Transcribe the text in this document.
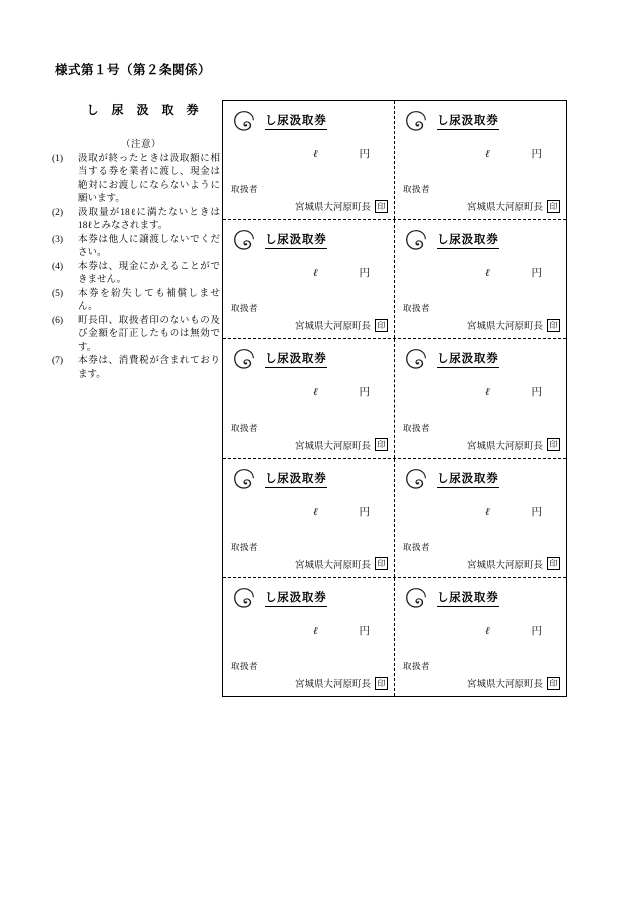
様式第１号（第２条関係）
し 尿 汲 取 券
（注意）
(1)	汲取が終ったときは汲取額に相当する券を業者に渡し、現金は絶対にお渡しにならないように願います。
(2)	汲取量が18ℓに満たないときは18ℓとみなされます。
(3)	本券は他人に譲渡しないでください。
(4)	本券は、現金にかえることができません。
(5)	本券を紛失しても補償しません。
(6)	町長印、取扱者印のないもの及び金額を訂正したものは無効です。
(7)	本券は、消費税が含まれております。
し尿汲取券
ℓ	円
取扱者
宮城県大河原町長 印
し尿汲取券
ℓ	円
取扱者
宮城県大河原町長 印
し尿汲取券
ℓ	円
取扱者
宮城県大河原町長 印
し尿汲取券
ℓ	円
取扱者
宮城県大河原町長 印
し尿汲取券
ℓ	円
取扱者
宮城県大河原町長 印
し尿汲取券
ℓ	円
取扱者
宮城県大河原町長 印
し尿汲取券
ℓ	円
取扱者
宮城県大河原町長 印
し尿汲取券
ℓ	円
取扱者
宮城県大河原町長 印
し尿汲取券
ℓ	円
取扱者
宮城県大河原町長 印
し尿汲取券
ℓ	円
取扱者
宮城県大河原町長 印
